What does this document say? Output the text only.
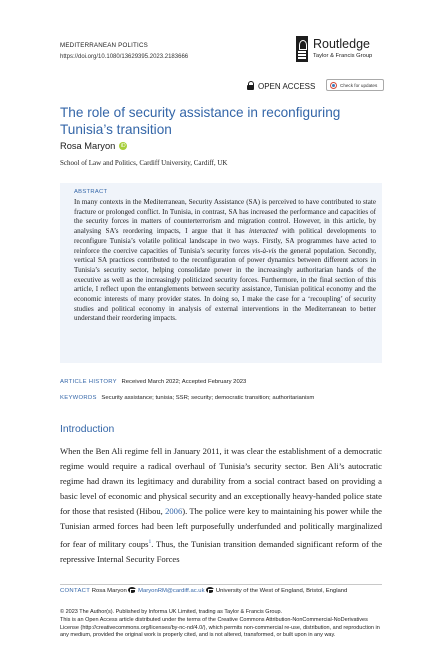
MEDITERRANEAN POLITICS
https://doi.org/10.1080/13629395.2023.2183666
Routledge
Taylor & Francis Group
OPEN ACCESS	Check for updates
The role of security assistance in reconfiguring Tunisia’s transition
Rosa Maryon	iD
School of Law and Politics, Cardiff University, Cardiff, UK
ABSTRACT
In many contexts in the Mediterranean, Security Assistance (SA) is perceived to have contributed to state fracture or prolonged conflict. In Tunisia, in contrast, SA has increased the performance and capacities of the security forces in matters of counterterrorism and migration control. However, in this article, by analysing SA’s reordering impacts, I argue that it has interacted with political developments to reconfigure Tunisia’s volatile political landscape in two ways. Firstly, SA programmes have acted to reinforce the coercive capacities of Tunisia’s security forces vis-à-vis the general population. Secondly, vertical SA practices contributed to the reconfiguration of power dynamics between different actors in Tunisia’s security sector, helping consolidate power in the increasingly authoritarian hands of the executive as well as the increasingly politicized security forces. Furthermore, in the final section of this article, I reflect upon the entanglements between security assistance, Tunisian political economy and the economic interests of many provider states. In doing so, I make the case for a ‘recoupling’ of security studies and political economy in analysis of external interventions in the Mediterranean to better understand their reordering impacts.
ARTICLE HISTORY Received March 2022; Accepted February 2023
KEYWORDS Security assistance; tunisia; SSR; security; democratic transition; authoritarianism
Introduction
When the Ben Ali regime fell in January 2011, it was clear the establishment of a democratic regime would require a radical overhaul of Tunisia’s security sector. Ben Ali’s autocratic regime had drawn its legitimacy and durability from a social contract based on providing a basic level of economic and physical security and an exceptionally heavy-handed police state for those that resisted (Hibou, 2006). The police were key to maintaining his power while the Tunisian armed forces had been left purposefully underfunded and politically marginalized for fear of military coups$^1$. Thus, the Tunisian transition demanded significant reform of the repressive Internal Security Forces
CONTACT Rosa Maryon MaryonRM@cardiff.ac.uk University of the West of England, Bristol, England
© 2023 The Author(s). Published by Informa UK Limited, trading as Taylor & Francis Group.
This is an Open Access article distributed under the terms of the Creative Commons Attribution-NonCommercial-NoDerivatives License (http://creativecommons.org/licenses/by-nc-nd/4.0/), which permits non-commercial re-use, distribution, and reproduction in any medium, provided the original work is properly cited, and is not altered, transformed, or built upon in any way.
